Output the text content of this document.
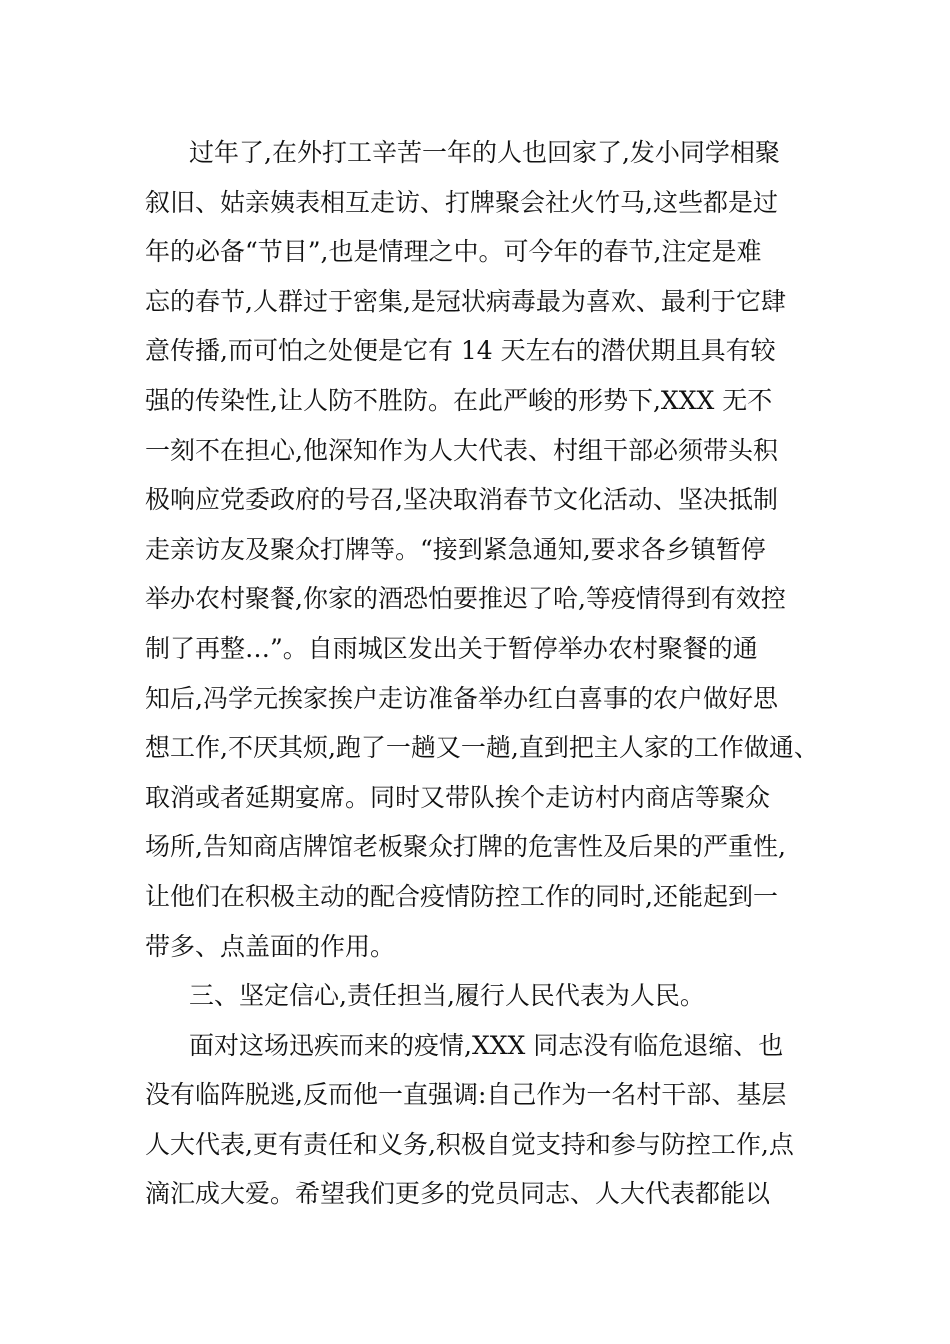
过年了,在外打工辛苦一年的人也回家了,发小同学相聚
叙旧、姑亲姨表相互走访、打牌聚会社火竹马,这些都是过
年的必备“节目”,也是情理之中。可今年的春节,注定是难
忘的春节,人群过于密集,是冠状病毒最为喜欢、最利于它肆
意传播,而可怕之处便是它有 14 天左右的潜伏期且具有较
强的传染性,让人防不胜防。在此严峻的形势下,XXX 无不
一刻不在担心,他深知作为人大代表、村组干部必须带头积
极响应党委政府的号召,坚决取消春节文化活动、坚决抵制
走亲访友及聚众打牌等。“接到紧急通知,要求各乡镇暂停
举办农村聚餐,你家的酒恐怕要推迟了哈,等疫情得到有效控
制了再整…”。自雨城区发出关于暂停举办农村聚餐的通
知后,冯学元挨家挨户走访准备举办红白喜事的农户做好思
想工作,不厌其烦,跑了一趟又一趟,直到把主人家的工作做通、
取消或者延期宴席。同时又带队挨个走访村内商店等聚众
场所,告知商店牌馆老板聚众打牌的危害性及后果的严重性,
让他们在积极主动的配合疫情防控工作的同时,还能起到一
带多、点盖面的作用。
三、坚定信心,责任担当,履行人民代表为人民。
面对这场迅疾而来的疫情,XXX 同志没有临危退缩、也
没有临阵脱逃,反而他一直强调:自己作为一名村干部、基层
人大代表,更有责任和义务,积极自觉支持和参与防控工作,点
滴汇成大爱。希望我们更多的党员同志、人大代表都能以
